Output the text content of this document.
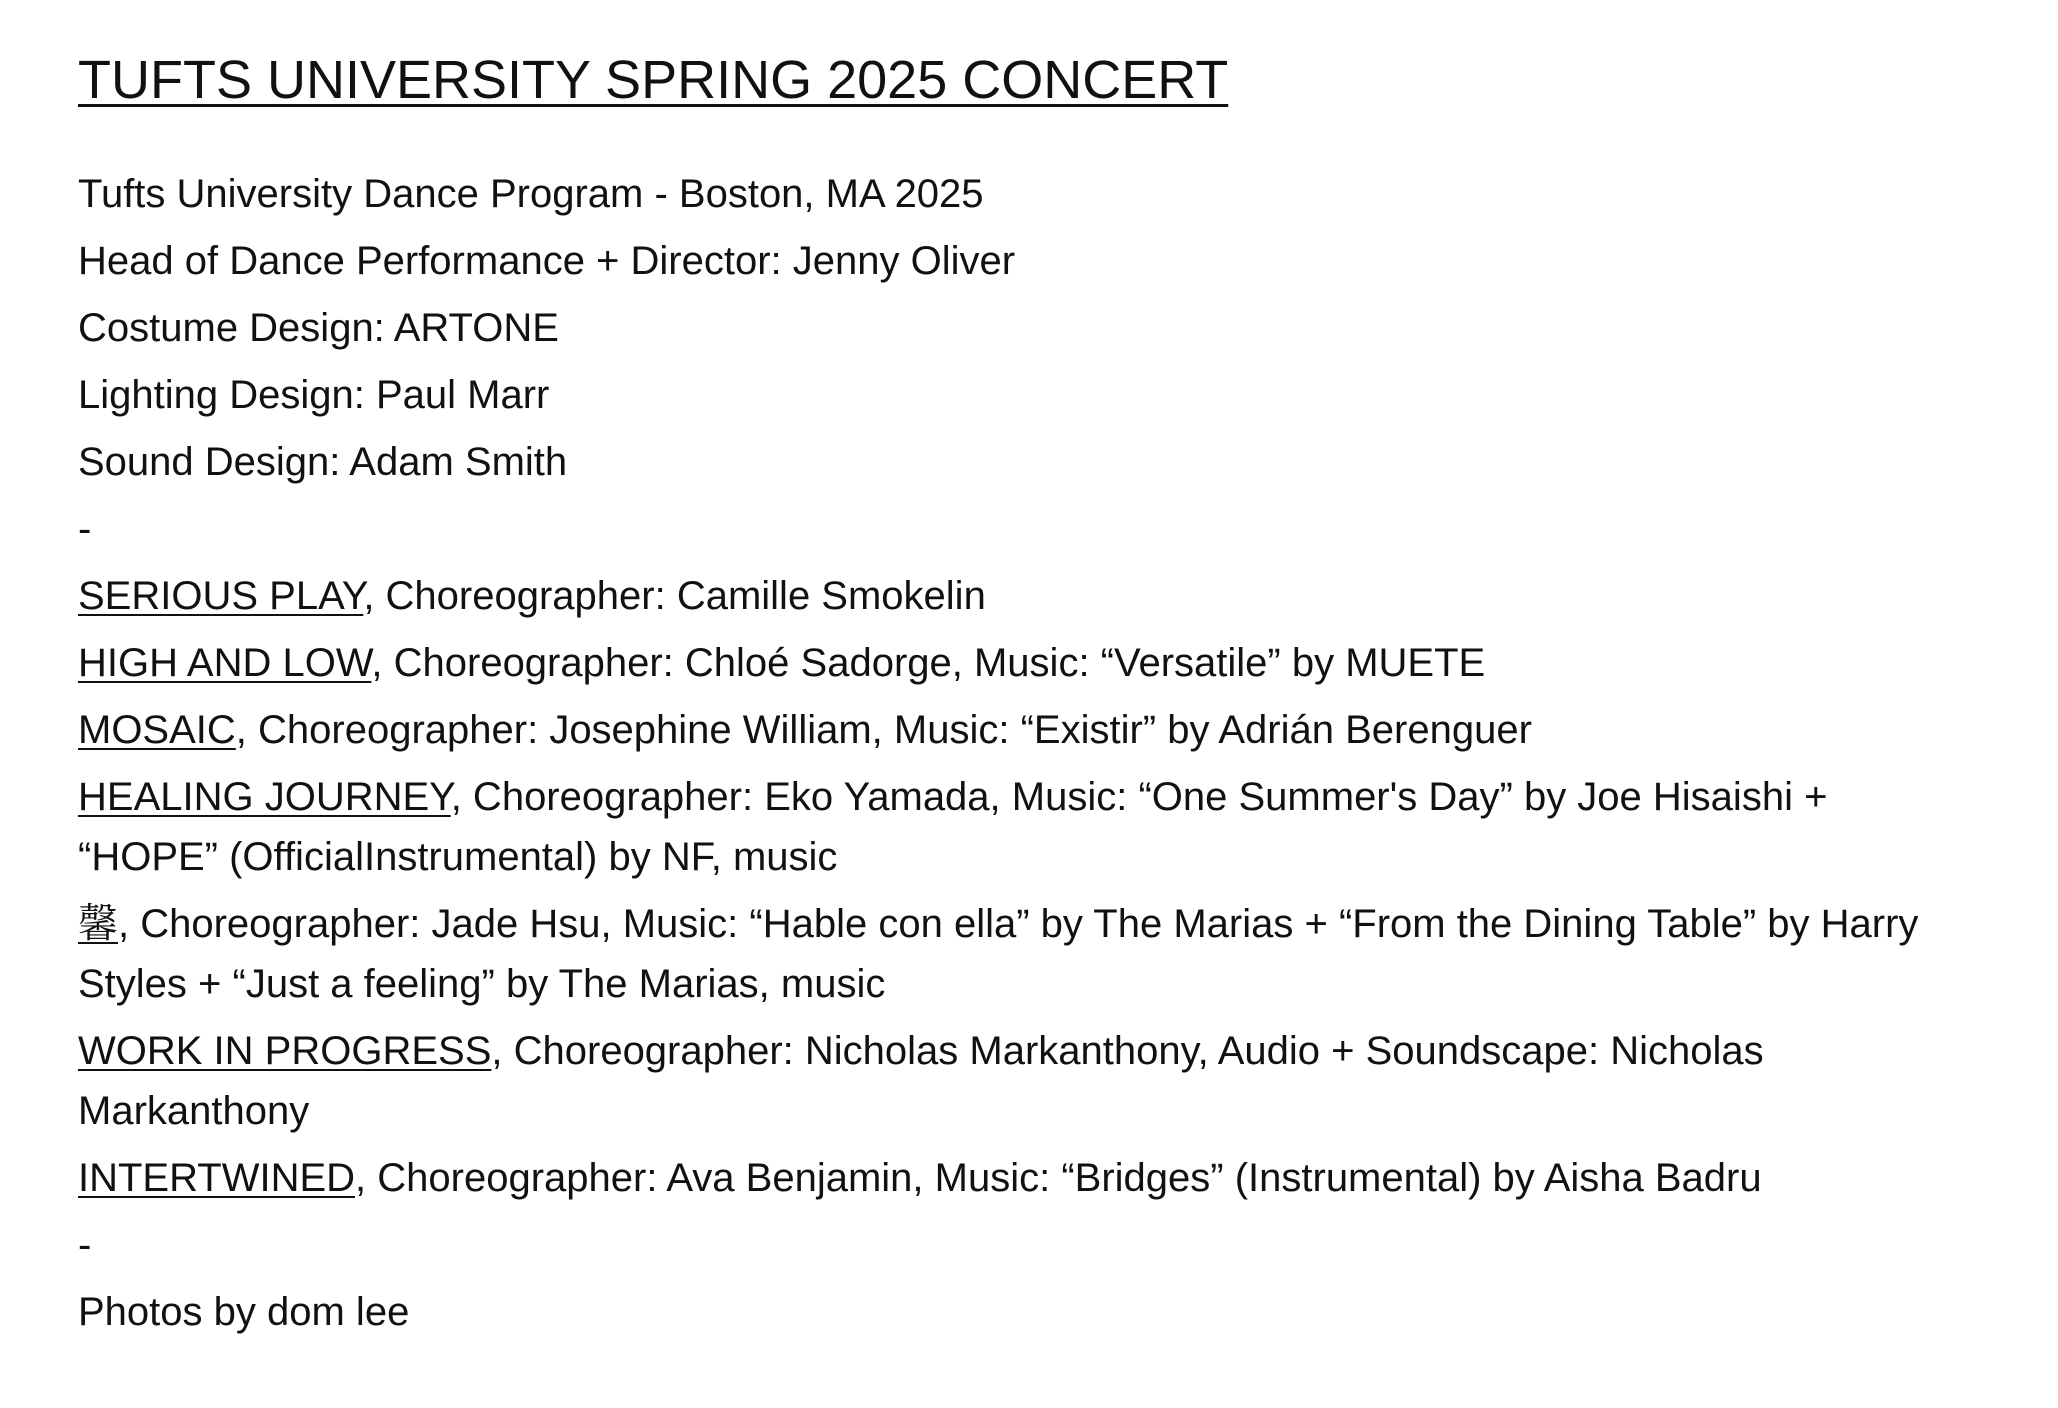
TUFTS UNIVERSITY SPRING 2025 CONCERT
Tufts University Dance Program - Boston, MA 2025
Head of Dance Performance + Director: Jenny Oliver
Costume Design: ARTONE
Lighting Design: Paul Marr
Sound Design: Adam Smith
-
SERIOUS PLAY, Choreographer: Camille Smokelin
HIGH AND LOW, Choreographer: Chloé Sadorge, Music: “Versatile” by MUETE
MOSAIC, Choreographer: Josephine William, Music: “Existir” by Adrián Berenguer
HEALING JOURNEY, Choreographer: Eko Yamada, Music: “One Summer's Day” by Joe Hisaishi + “HOPE” (OfficialInstrumental) by NF, music
馨, Choreographer: Jade Hsu, Music: “Hable con ella” by The Marias + “From the Dining Table” by Harry Styles + “Just a feeling” by The Marias, music
WORK IN PROGRESS, Choreographer: Nicholas Markanthony, Audio + Soundscape: Nicholas Markanthony
INTERTWINED, Choreographer: Ava Benjamin, Music: “Bridges” (Instrumental) by Aisha Badru
-
Photos by dom lee
